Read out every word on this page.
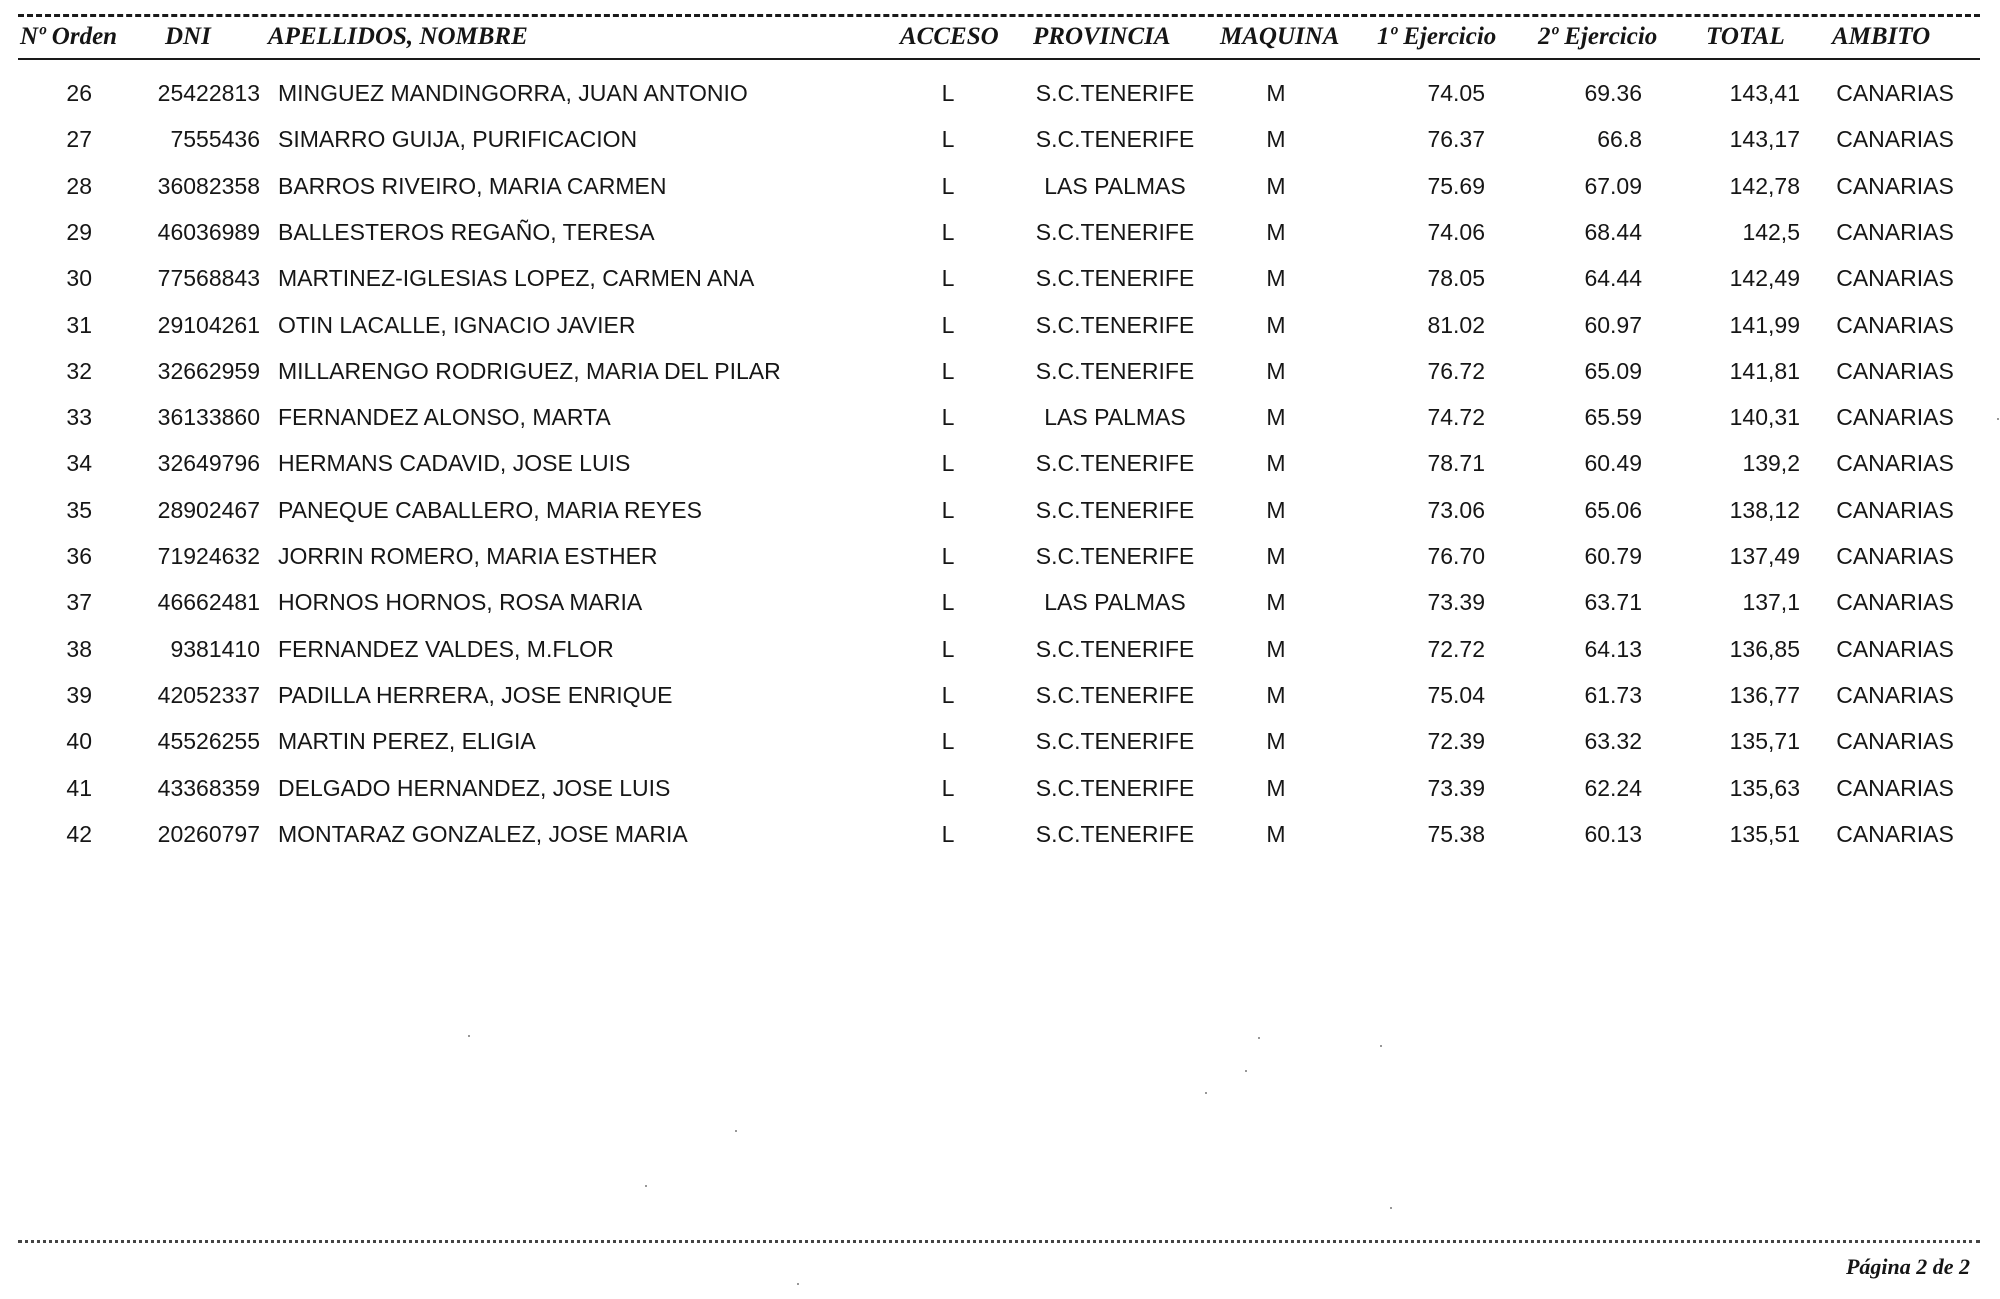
Nº Orden DNI APELLIDOS, NOMBRE	ACCESO PROVINCIA MAQUINA 1º Ejercicio 2º Ejercicio TOTAL AMBITO
26	25422813 MINGUEZ MANDINGORRA, JUAN ANTONIO	L	S.C.TENERIFE	M	74.05	69.36	143,41	CANARIAS
27	7555436 SIMARRO GUIJA, PURIFICACION	L	S.C.TENERIFE	M	76.37	66.8	143,17	CANARIAS
28	36082358 BARROS RIVEIRO, MARIA CARMEN	L	LAS PALMAS	M	75.69	67.09	142,78	CANARIAS
29	46036989 BALLESTEROS REGAÑO, TERESA	L	S.C.TENERIFE	M	74.06	68.44	142,5	CANARIAS
30	77568843 MARTINEZ-IGLESIAS LOPEZ, CARMEN ANA	L	S.C.TENERIFE	M	78.05	64.44	142,49	CANARIAS
31	29104261 OTIN LACALLE, IGNACIO JAVIER	L	S.C.TENERIFE	M	81.02	60.97	141,99	CANARIAS
32	32662959 MILLARENGO RODRIGUEZ, MARIA DEL PILAR	L	S.C.TENERIFE	M	76.72	65.09	141,81	CANARIAS
33	36133860 FERNANDEZ ALONSO, MARTA	L	LAS PALMAS	M	74.72	65.59	140,31	CANARIAS
34	32649796 HERMANS CADAVID, JOSE LUIS	L	S.C.TENERIFE	M	78.71	60.49	139,2	CANARIAS
35	28902467 PANEQUE CABALLERO, MARIA REYES	L	S.C.TENERIFE	M	73.06	65.06	138,12	CANARIAS
36	71924632 JORRIN ROMERO, MARIA ESTHER	L	S.C.TENERIFE	M	76.70	60.79	137,49	CANARIAS
37	46662481 HORNOS HORNOS, ROSA MARIA	L	LAS PALMAS	M	73.39	63.71	137,1	CANARIAS
38	9381410 FERNANDEZ VALDES, M.FLOR	L	S.C.TENERIFE	M	72.72	64.13	136,85	CANARIAS
39	42052337 PADILLA HERRERA, JOSE ENRIQUE	L	S.C.TENERIFE	M	75.04	61.73	136,77	CANARIAS
40	45526255 MARTIN PEREZ, ELIGIA	L	S.C.TENERIFE	M	72.39	63.32	135,71	CANARIAS
41	43368359 DELGADO HERNANDEZ, JOSE LUIS	L	S.C.TENERIFE	M	73.39	62.24	135,63	CANARIAS
42	20260797 MONTARAZ GONZALEZ, JOSE MARIA	L	S.C.TENERIFE	M	75.38	60.13	135,51	CANARIAS
Página 2 de 2
